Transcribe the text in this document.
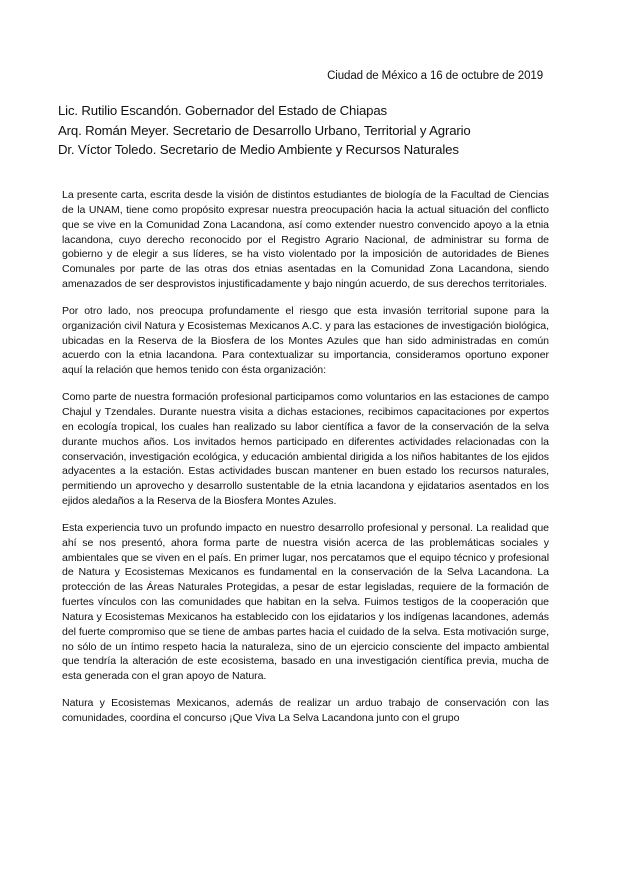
Ciudad de México a 16 de octubre de 2019
Lic. Rutilio Escandón. Gobernador del Estado de Chiapas
Arq. Román Meyer. Secretario de Desarrollo Urbano, Territorial y Agrario
Dr. Víctor Toledo. Secretario de Medio Ambiente y Recursos Naturales

La presente carta, escrita desde la visión de distintos estudiantes de biología de la Facultad de Ciencias de la UNAM, tiene como propósito expresar nuestra preocupación hacia la actual situación del conflicto que se vive en la Comunidad Zona Lacandona, así como extender nuestro convencido apoyo a la etnia lacandona, cuyo derecho reconocido por el Registro Agrario Nacional, de administrar su forma de gobierno y de elegir a sus líderes, se ha visto violentado por la imposición de autoridades de Bienes Comunales por parte de las otras dos etnias asentadas en la Comunidad Zona Lacandona, siendo amenazados de ser desprovistos injustificadamente y bajo ningún acuerdo, de sus derechos territoriales.

Por otro lado, nos preocupa profundamente el riesgo que esta invasión territorial supone para la organización civil Natura y Ecosistemas Mexicanos A.C. y para las estaciones de investigación biológica, ubicadas en la Reserva de la Biosfera de los Montes Azules que han sido administradas en común acuerdo con la etnia lacandona. Para contextualizar su importancia, consideramos oportuno exponer aquí la relación que hemos tenido con ésta organización:

Como parte de nuestra formación profesional participamos como voluntarios en las estaciones de campo Chajul y Tzendales. Durante nuestra visita a dichas estaciones, recibimos capacitaciones por expertos en ecología tropical, los cuales han realizado su labor científica a favor de la conservación de la selva durante muchos años. Los invitados hemos participado en diferentes actividades relacionadas con la conservación, investigación ecológica, y educación ambiental dirigida a los niños habitantes de los ejidos adyacentes a la estación. Estas actividades buscan mantener en buen estado los recursos naturales, permitiendo un aprovecho y desarrollo sustentable de la etnia lacandona y ejidatarios asentados en los ejidos aledaños a la Reserva de la Biosfera Montes Azules.

Esta experiencia tuvo un profundo impacto en nuestro desarrollo profesional y personal. La realidad que ahí se nos presentó, ahora forma parte de nuestra visión acerca de las problemáticas sociales y ambientales que se viven en el país. En primer lugar, nos percatamos que el equipo técnico y profesional de Natura y Ecosistemas Mexicanos es fundamental en la conservación de la Selva Lacandona. La protección de las Áreas Naturales Protegidas, a pesar de estar legisladas, requiere de la formación de fuertes vínculos con las comunidades que habitan en la selva. Fuimos testigos de la cooperación que Natura y Ecosistemas Mexicanos ha establecido con los ejidatarios y los indígenas lacandones, además del fuerte compromiso que se tiene de ambas partes hacia el cuidado de la selva. Esta motivación surge, no sólo de un íntimo respeto hacia la naturaleza, sino de un ejercicio consciente del impacto ambiental que tendría la alteración de este ecosistema, basado en una investigación científica previa, mucha de esta generada con el gran apoyo de Natura.

Natura y Ecosistemas Mexicanos, además de realizar un arduo trabajo de conservación con las comunidades, coordina el concurso ¡Que Viva La Selva Lacandona junto con el grupo
